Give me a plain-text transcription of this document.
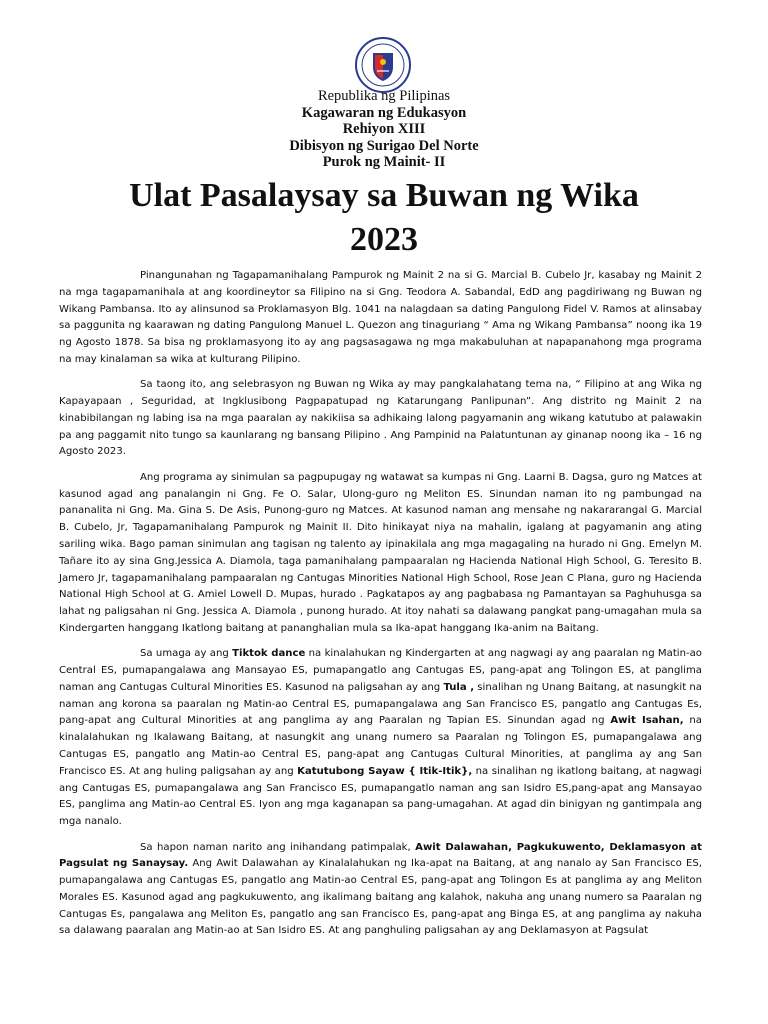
Republika ng Pilipinas
Kagawaran ng Edukasyon
Rehiyon XIII
Dibisyon ng Surigao Del Norte
Purok ng Mainit- II
Ulat Pasalaysay sa Buwan ng Wika
2023

Pinangunahan ng Tagapamanihalang Pampurok ng Mainit 2 na si G. Marcial B. Cubelo Jr, kasabay ng Mainit 2 na mga tagapamanihala at ang koordineytor sa Filipino na si Gng. Teodora A. Sabandal, EdD ang pagdiriwang ng Buwan ng Wikang Pambansa. Ito ay alinsunod sa Proklamasyon Blg. 1041 na nalagdaan sa dating Pangulong Fidel V. Ramos at alinsabay sa paggunita ng kaarawan ng dating Pangulong Manuel L. Quezon ang tinaguriang “ Ama ng Wikang Pambansa” noong ika 19 ng Agosto 1878. Sa bisa ng proklamasyong ito ay ang pagsasagawa ng mga makabuluhan at napapanahong mga programa na may kinalaman sa wika at kulturang Pilipino.

Sa taong ito, ang selebrasyon ng Buwan ng Wika ay may pangkalahatang tema na, “ Filipino at ang Wika ng Kapayapaan , Seguridad, at Ingklusibong Pagpapatupad ng Katarungang Panlipunan”. Ang distrito ng Mainit 2 na kinabibilangan ng labing isa na mga paaralan ay nakikiisa sa adhikaing lalong pagyamanin ang wikang katutubo at palawakin pa ang paggamit nito tungo sa kaunlarang ng bansang Pilipino . Ang Pampinid na Palatuntunan ay ginanap noong ika – 16 ng Agosto 2023.

Ang programa ay sinimulan sa pagpupugay ng watawat sa kumpas ni Gng. Laarni B. Dagsa, guro ng Matces at kasunod agad ang panalangin ni Gng. Fe O. Salar, Ulong-guro ng Meliton ES. Sinundan naman ito ng pambungad na pananalita ni Gng. Ma. Gina S. De Asis, Punong-guro ng Matces. At kasunod naman ang mensahe ng nakararangal G. Marcial B. Cubelo, Jr, Tagapamanihalang Pampurok ng Mainit II. Dito hinikayat niya na mahalin, igalang at pagyamanin ang ating sariling wika. Bago paman sinimulan ang tagisan ng talento ay ipinakilala ang mga magagaling na hurado ni Gng. Emelyn M. Tañare ito ay sina Gng.Jessica A. Diamola, taga pamanihalang pampaaralan ng Hacienda National High School, G. Teresito B. Jamero Jr, tagapamanihalang pampaaralan ng Cantugas Minorities National High School, Rose Jean C Plana, guro ng Hacienda National High School at G. Amiel Lowell D. Mupas, hurado . Pagkatapos ay ang pagbabasa ng Pamantayan sa Paghuhusga sa lahat ng paligsahan ni Gng. Jessica A. Diamola , punong hurado. At itoy nahati sa dalawang pangkat pang-umagahan mula sa Kindergarten hanggang Ikatlong baitang at pananghalian mula sa Ika-apat hanggang Ika-anim na Baitang.

Sa umaga ay ang Tiktok dance na kinalahukan ng Kindergarten at ang nagwagi ay ang paaralan ng Matin-ao Central ES, pumapangalawa ang Mansayao ES, pumapangatlo ang Cantugas ES, pang-apat ang Tolingon ES, at panglima naman ang Cantugas Cultural Minorities ES. Kasunod na paligsahan ay ang Tula , sinalihan ng Unang Baitang, at nasungkit na naman ang korona sa paaralan ng Matin-ao Central ES, pumapangalawa ang San Francisco ES, pangatlo ang Cantugas Es, pang-apat ang Cultural Minorities at ang panglima ay ang Paaralan ng Tapian ES. Sinundan agad ng Awit Isahan, na kinalalahukan ng Ikalawang Baitang, at nasungkit ang unang numero sa Paaralan ng Tolingon ES, pumapangalawa ang Cantugas ES, pangatlo ang Matin-ao Central ES, pang-apat ang Cantugas Cultural Minorities, at panglima ay ang San Francisco ES. At ang huling paligsahan ay ang Katutubong Sayaw { Itik-Itik}, na sinalihan ng ikatlong baitang, at nagwagi ang Cantugas ES, pumapangalawa ang San Francisco ES, pumapangatlo naman ang san Isidro ES,pang-apat ang Mansayao ES, panglima ang Matin-ao Central ES. Iyon ang mga kaganapan sa pang-umagahan. At agad din binigyan ng gantimpala ang mga nanalo.

Sa hapon naman narito ang inihandang patimpalak, Awit Dalawahan, Pagkukuwento, Deklamasyon at Pagsulat ng Sanaysay. Ang Awit Dalawahan ay Kinalalahukan ng Ika-apat na Baitang, at ang nanalo ay San Francisco ES, pumapangalawa ang Cantugas ES, pangatlo ang Matin-ao Central ES, pang-apat ang Tolingon Es at panglima ay ang Meliton Morales ES. Kasunod agad ang pagkukuwento, ang ikalimang baitang ang kalahok, nakuha ang unang numero sa Paaralan ng Cantugas Es, pangalawa ang Meliton Es, pangatlo ang san Francisco Es, pang-apat ang Binga ES, at ang panglima ay nakuha sa dalawang paaralan ang Matin-ao at San Isidro ES. At ang panghuling paligsahan ay ang Deklamasyon at Pagsulat
